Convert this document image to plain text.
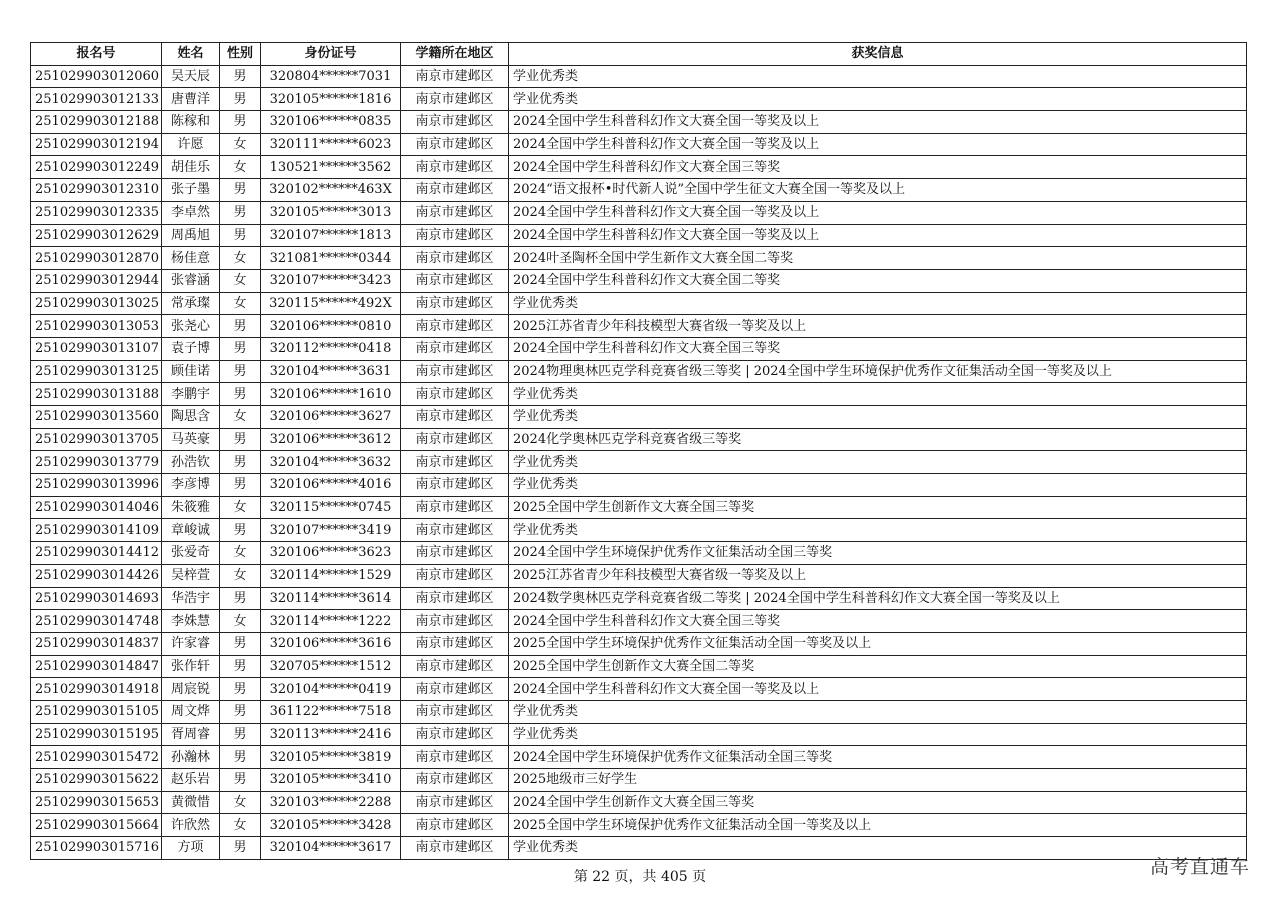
报名号	姓名	性别	身份证号	学籍所在地区	获奖信息
251029903012060	吴天辰	男	320804******7031	南京市建邺区	学业优秀类
251029903012133	唐曹洋	男	320105******1816	南京市建邺区	学业优秀类
251029903012188	陈稼和	男	320106******0835	南京市建邺区	2024全国中学生科普科幻作文大赛全国一等奖及以上
251029903012194	许愿	女	320111******6023	南京市建邺区	2024全国中学生科普科幻作文大赛全国一等奖及以上
251029903012249	胡佳乐	女	130521******3562	南京市建邺区	2024全国中学生科普科幻作文大赛全国三等奖
251029903012310	张子墨	男	320102******463X	南京市建邺区	2024“语文报杯•时代新人说”全国中学生征文大赛全国一等奖及以上
251029903012335	李卓然	男	320105******3013	南京市建邺区	2024全国中学生科普科幻作文大赛全国一等奖及以上
251029903012629	周禹旭	男	320107******1813	南京市建邺区	2024全国中学生科普科幻作文大赛全国一等奖及以上
251029903012870	杨佳意	女	321081******0344	南京市建邺区	2024叶圣陶杯全国中学生新作文大赛全国二等奖
251029903012944	张睿涵	女	320107******3423	南京市建邺区	2024全国中学生科普科幻作文大赛全国二等奖
251029903013025	常承璨	女	320115******492X	南京市建邺区	学业优秀类
251029903013053	张尧心	男	320106******0810	南京市建邺区	2025江苏省青少年科技模型大赛省级一等奖及以上
251029903013107	袁子博	男	320112******0418	南京市建邺区	2024全国中学生科普科幻作文大赛全国三等奖
251029903013125	顾佳诺	男	320104******3631	南京市建邺区	2024物理奥林匹克学科竞赛省级三等奖 | 2024全国中学生环境保护优秀作文征集活动全国一等奖及以上
251029903013188	李鹏宇	男	320106******1610	南京市建邺区	学业优秀类
251029903013560	陶思含	女	320106******3627	南京市建邺区	学业优秀类
251029903013705	马英豪	男	320106******3612	南京市建邺区	2024化学奥林匹克学科竞赛省级三等奖
251029903013779	孙浩钦	男	320104******3632	南京市建邺区	学业优秀类
251029903013996	李彦博	男	320106******4016	南京市建邺区	学业优秀类
251029903014046	朱筱雅	女	320115******0745	南京市建邺区	2025全国中学生创新作文大赛全国三等奖
251029903014109	章峻诚	男	320107******3419	南京市建邺区	学业优秀类
251029903014412	张爱奇	女	320106******3623	南京市建邺区	2024全国中学生环境保护优秀作文征集活动全国三等奖
251029903014426	吴梓萱	女	320114******1529	南京市建邺区	2025江苏省青少年科技模型大赛省级一等奖及以上
251029903014693	华浩宇	男	320114******3614	南京市建邺区	2024数学奥林匹克学科竞赛省级二等奖 | 2024全国中学生科普科幻作文大赛全国一等奖及以上
251029903014748	李姝慧	女	320114******1222	南京市建邺区	2024全国中学生科普科幻作文大赛全国三等奖
251029903014837	许家睿	男	320106******3616	南京市建邺区	2025全国中学生环境保护优秀作文征集活动全国一等奖及以上
251029903014847	张作轩	男	320705******1512	南京市建邺区	2025全国中学生创新作文大赛全国二等奖
251029903014918	周宸锐	男	320104******0419	南京市建邺区	2024全国中学生科普科幻作文大赛全国一等奖及以上
251029903015105	周文烨	男	361122******7518	南京市建邺区	学业优秀类
251029903015195	胥周睿	男	320113******2416	南京市建邺区	学业优秀类
251029903015472	孙瀚林	男	320105******3819	南京市建邺区	2024全国中学生环境保护优秀作文征集活动全国三等奖
251029903015622	赵乐岩	男	320105******3410	南京市建邺区	2025地级市三好学生
251029903015653	黄微惜	女	320103******2288	南京市建邺区	2024全国中学生创新作文大赛全国三等奖
251029903015664	许欣然	女	320105******3428	南京市建邺区	2025全国中学生环境保护优秀作文征集活动全国一等奖及以上
251029903015716	方项	男	320104******3617	南京市建邺区	学业优秀类
第 22 页，共 405 页	高考直通车
